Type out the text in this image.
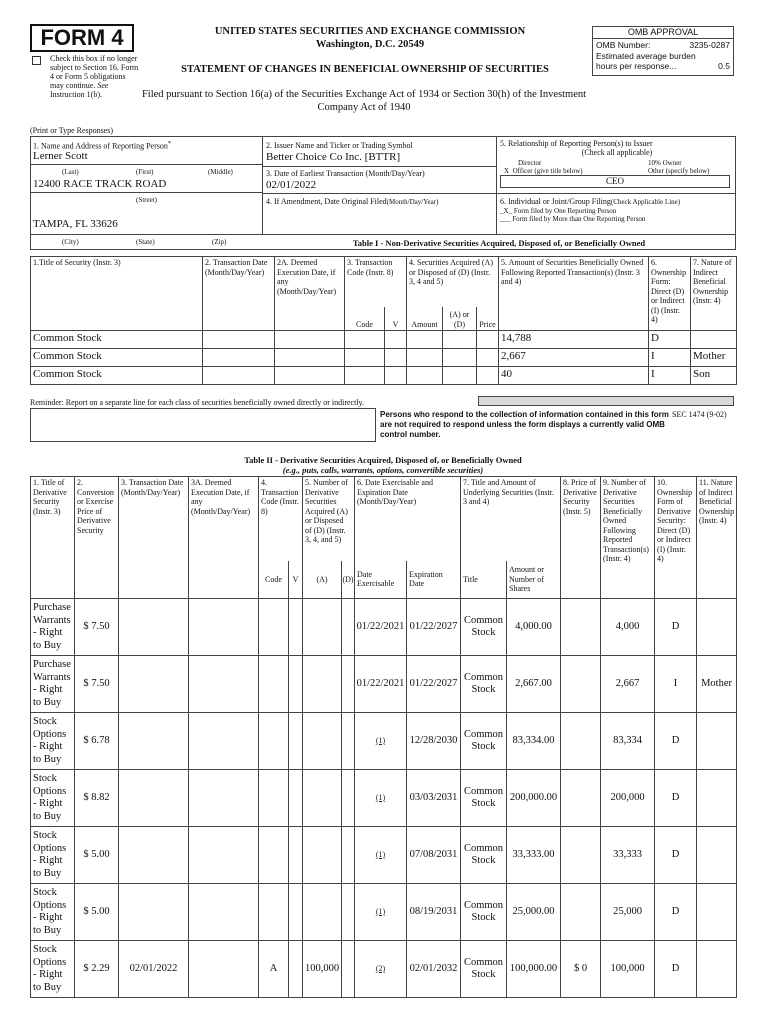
FORM 4
Check this box if no longer subject to Section 16. Form 4 or Form 5 obligations may continue. See Instruction 1(b).
UNITED STATES SECURITIES AND EXCHANGE COMMISSION
Washington, D.C. 20549
STATEMENT OF CHANGES IN BENEFICIAL OWNERSHIP OF SECURITIES
Filed pursuant to Section 16(a) of the Securities Exchange Act of 1934 or Section 30(h) of the Investment Company Act of 1940
OMB APPROVAL
OMB Number:	3235-0287
Estimated average burden
hours per response...	0.5
(Print or Type Responses)
1. Name and Address of Reporting Person*
Lerner Scott
(Last)	(First)	(Middle)
12400 RACE TRACK ROAD
(Street)
TAMPA, FL 33626
(City)	(State)	(Zip)
2. Issuer Name and Ticker or Trading Symbol
Better Choice Co Inc. [BTTR]
3. Date of Earliest Transaction (Month/Day/Year)
02/01/2022
4. If Amendment, Date Original Filed(Month/Day/Year)
5. Relationship of Reporting Person(s) to Issuer
(Check all applicable)
Director	10% Owner
X Officer (give title below)	Other (specify below)
CEO
6. Individual or Joint/Group Filing(Check Applicable Line)
_X_ Form filed by One Reporting Person
___ Form filed by More than One Reporting Person
Table I - Non-Derivative Securities Acquired, Disposed of, or Beneficially Owned
1.Title of Security (Instr. 3)	2. Transaction Date (Month/Day/Year)	2A. Deemed Execution Date, if any (Month/Day/Year)	3. Transaction Code (Instr. 8)		4. Securities Acquired (A) or Disposed of (D) (Instr. 3, 4 and 5)			5. Amount of Securities Beneficially Owned Following Reported Transaction(s) (Instr. 3 and 4)	6. Ownership Form: Direct (D) or Indirect (I) (Instr. 4)	7. Nature of Indirect Beneficial Ownership (Instr. 4)
			Code	V	Amount	(A) or (D)	Price			
Common Stock								14,788	D	
Common Stock								2,667	I	Mother
Common Stock								40	I	Son
Reminder: Report on a separate line for each class of securities beneficially owned directly or indirectly.
Persons who respond to the collection of information contained in this form are not required to respond unless the form displays a currently valid OMB control number.
SEC 1474 (9-02)
Table II - Derivative Securities Acquired, Disposed of, or Beneficially Owned
(e.g., puts, calls, warrants, options, convertible securities)
1. Title of Derivative Security (Instr. 3)	2. Conversion or Exercise Price of Derivative Security	3. Transaction Date (Month/Day/Year)	3A. Deemed Execution Date, if any (Month/Day/Year)	4. Transaction Code (Instr. 8)		5. Number of Derivative Securities Acquired (A) or Disposed of (D) (Instr. 3, 4, and 5)		6. Date Exercisable and Expiration Date (Month/Day/Year)		7. Title and Amount of Underlying Securities (Instr. 3 and 4)		8. Price of Derivative Security (Instr. 5)	9. Number of Derivative Securities Beneficially Owned Following Reported Transaction(s) (Instr. 4)	10. Ownership Form of Derivative Security: Direct (D) or Indirect (I) (Instr. 4)	11. Nature of Indirect Beneficial Ownership (Instr. 4)
				Code	V	(A)	(D)	Date Exercisable	Expiration Date	Title	Amount or Number of Shares				
Purchase Warrants - Right to Buy	$ 7.50							01/22/2021	01/22/2027	Common Stock	4,000.00		4,000	D	
Purchase Warrants - Right to Buy	$ 7.50							01/22/2021	01/22/2027	Common Stock	2,667.00		2,667	I	Mother
Stock Options - Right to Buy	$ 6.78							(1)	12/28/2030	Common Stock	83,334.00		83,334	D	
Stock Options - Right to Buy	$ 8.82							(1)	03/03/2031	Common Stock	200,000.00		200,000	D	
Stock Options - Right to Buy	$ 5.00							(1)	07/08/2031	Common Stock	33,333.00		33,333	D	
Stock Options - Right to Buy	$ 5.00							(1)	08/19/2031	Common Stock	25,000.00		25,000	D	
Stock Options - Right to Buy	$ 2.29	02/01/2022		A		100,000		(2)	02/01/2032	Common Stock	100,000.00	$ 0	100,000	D	
